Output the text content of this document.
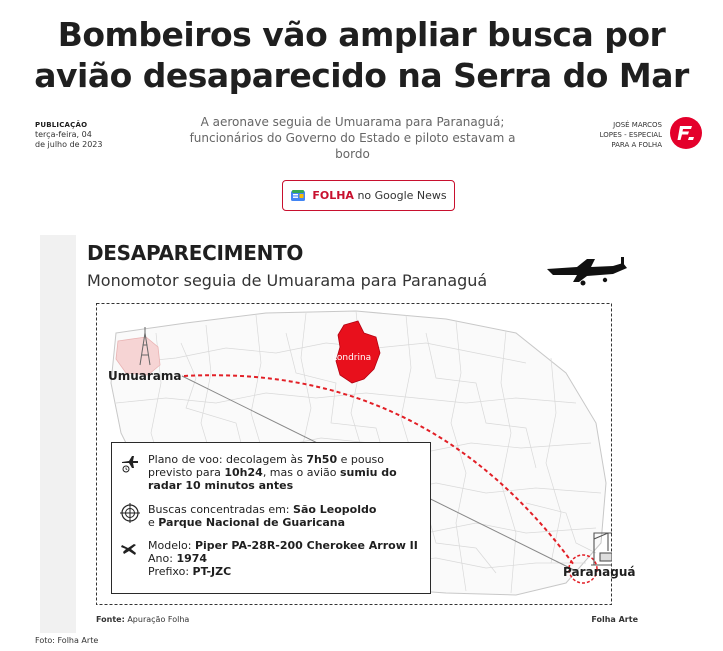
Bombeiros vão ampliar busca por
avião desaparecido na Serra do Mar
PUBLICAÇÃO
terça-feira, 04
de julho de 2023
A aeronave seguia de Umuarama para Paranaguá; funcionários do Governo do Estado e piloto estavam a bordo
JOSÉ MARCOS
LOPES - ESPECIAL
PARA A FOLHA
FOLHA no Google News
DESAPARECIMENTO
Monomotor seguia de Umuarama para Paranaguá
Umuarama
Londrina
Paranaguá
Plano de voo: decolagem às 7h50 e pouso previsto para 10h24, mas o avião sumiu do radar 10 minutos antes
Buscas concentradas em: São Leopoldo
e Parque Nacional de Guaricana
Modelo: Piper PA-28R-200 Cherokee Arrow II
Ano: 1974
Prefixo: PT-JZC
Fonte: Apuração Folha	Folha Arte
Foto: Folha Arte
